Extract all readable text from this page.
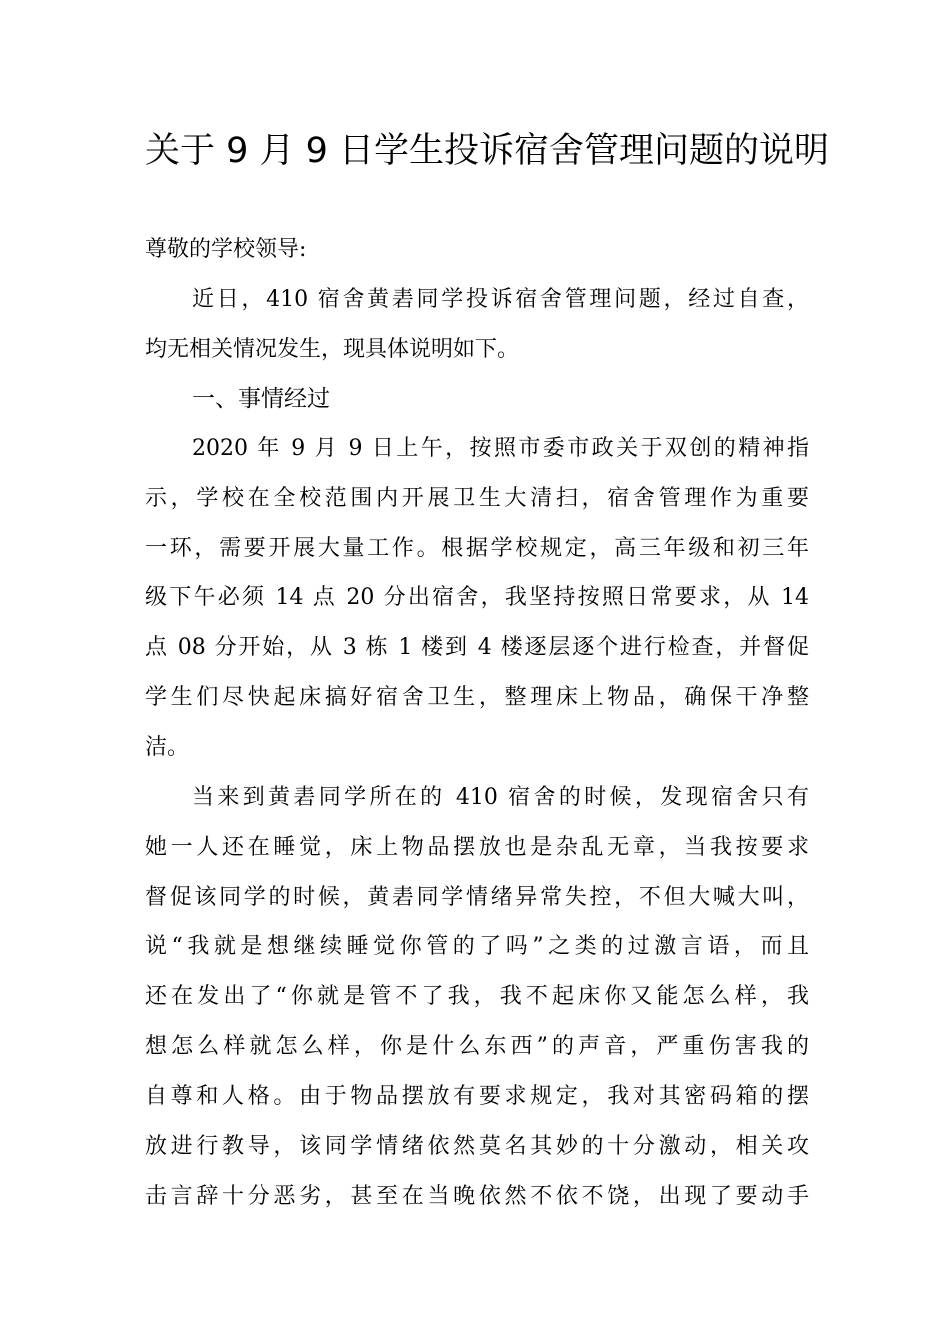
关于 9 月 9 日学生投诉宿舍管理问题的说明
尊敬的学校领导:
近日，410 宿舍黄砉同学投诉宿舍管理问题，经过自查，
均无相关情况发生，现具体说明如下。
一、事情经过
2020 年 9 月 9 日上午，按照市委市政关于双创的精神指
示，学校在全校范围内开展卫生大清扫，宿舍管理作为重要
一环，需要开展大量工作。根据学校规定，高三年级和初三年
级下午必须 14 点 20 分出宿舍，我坚持按照日常要求，从 14
点 08 分开始，从 3 栋 1 楼到 4 楼逐层逐个进行检查，并督促
学生们尽快起床搞好宿舍卫生，整理床上物品，确保干净整
洁。
当来到黄砉同学所在的 410 宿舍的时候，发现宿舍只有
她一人还在睡觉，床上物品摆放也是杂乱无章，当我按要求
督促该同学的时候，黄砉同学情绪异常失控，不但大喊大叫，
说“我就是想继续睡觉你管的了吗”之类的过激言语，而且
还在发出了“你就是管不了我，我不起床你又能怎么样，我
想怎么样就怎么样，你是什么东西”的声音，严重伤害我的
自尊和人格。由于物品摆放有要求规定，我对其密码箱的摆
放进行教导，该同学情绪依然莫名其妙的十分激动，相关攻
击言辞十分恶劣，甚至在当晚依然不依不饶，出现了要动手
